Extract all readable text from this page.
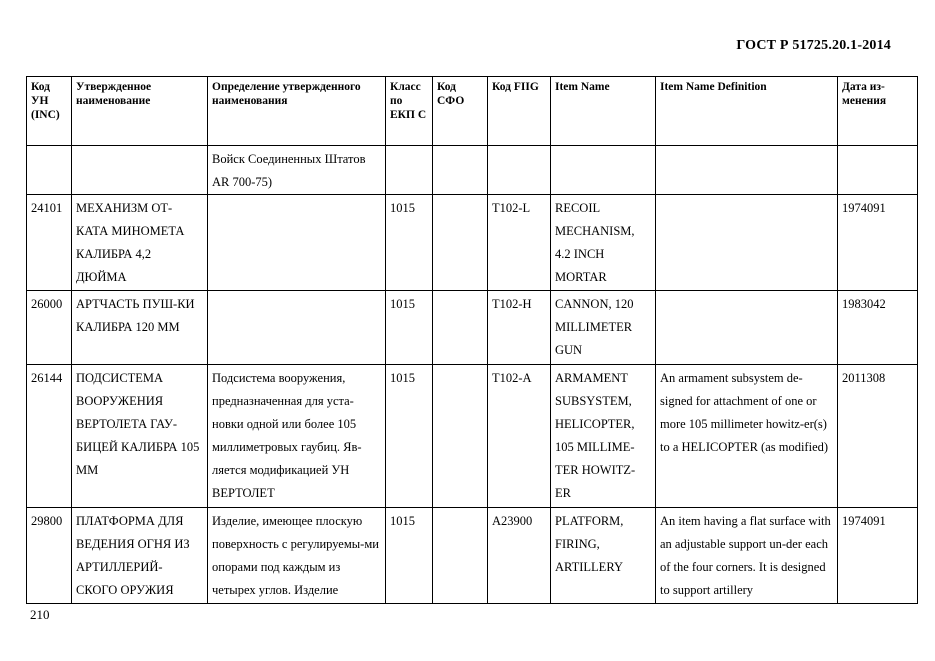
ГОСТ Р 51725.20.1-2014
Код УН (INC)	Утвержденное наименование	Определение утвержденного наименования	Класс по ЕКП С	Код СФО	Код FIIG	Item Name	Item Name Definition	Дата из-менения
		Войск Соединенных Штатов AR 700-75)						
24101	МЕХАНИЗМ ОТ-КАТА МИНОМЕТА КАЛИБРА 4,2 ДЮЙМА		1015		T102-L	RECOIL MECHANISM, 4.2 INCH MORTAR		1974091
26000	АРТЧАСТЬ ПУШ-КИ КАЛИБРА 120 ММ		1015		T102-H	CANNON, 120 MILLIMETER GUN		1983042
26144	ПОДСИСТЕМА ВООРУЖЕНИЯ ВЕРТОЛЕТА ГАУ-БИЦЕЙ КАЛИБРА 105 ММ	Подсистема вооружения, предназначенная для уста-новки одной или более 105 миллиметровых гаубиц. Яв-ляется модификацией УН ВЕРТОЛЕТ	1015		T102-A	ARMAMENT SUBSYSTEM, HELICOPTER, 105 MILLIME-TER HOWITZ-ER	An armament subsystem de-signed for attachment of one or more 105 millimeter howitz-er(s) to a HELICOPTER (as modified)	2011308
29800	ПЛАТФОРМА ДЛЯ ВЕДЕНИЯ ОГНЯ ИЗ АРТИЛЛЕРИЙ-СКОГО ОРУЖИЯ	Изделие, имеющее плоскую поверхность с регулируемы-ми опорами под каждым из четырех углов. Изделие	1015		A23900	PLATFORM, FIRING, ARTILLERY	An item having a flat surface with an adjustable support un-der each of the four corners. It is designed to support artillery	1974091
210
